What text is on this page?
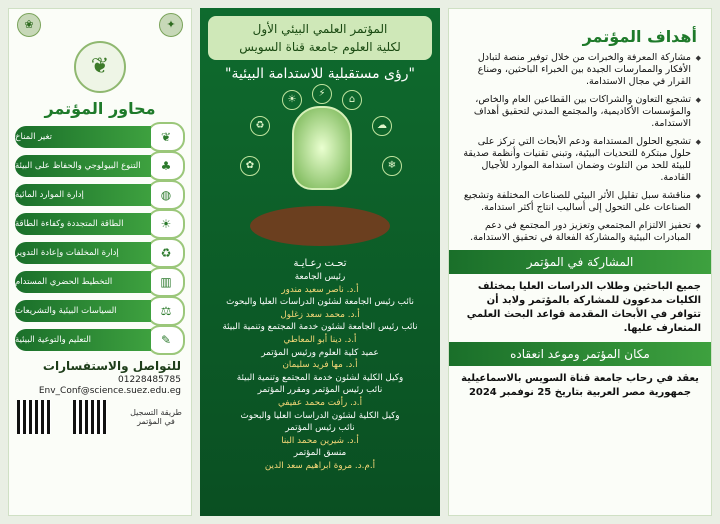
❀	✦
❦
محاور المؤتمر
❦
تغير المناخ
♣
التنوع البيولوجي والحفاظ على البيئة
◍
إدارة الموارد المائية
☀
الطاقة المتجددة وكفاءة الطاقة
♻
إدارة المخلفات وإعادة التدوير
▥
التخطيط الحضري المستدام
⚖
السياسات البيئية والتشريعات
✎
التعليم والتوعية البيئية
للتواصل والاستفسارات
01228485785
Env_Conf@science.suez.edu.eg
طريقة التسجيل في المؤتمر
المؤتمر العلمي البيئي الأول
لكلية العلوم جامعة قناة السويس
"رؤى مستقبلية للاستدامة البيئية"
♻
☀
⚡
⌂
☁
✿	❄
تحـت رعـايـة
رئيس الجامعة
أ.د. ناصر سعيد مندور
نائب رئيس الجامعة لشئون الدراسات العليا والبحوث
أ.د. محمد سعد زغلول
نائب رئيس الجامعة لشئون خدمة المجتمع وتنمية البيئة
أ.د. دينا أبو المعاطي
عميد كلية العلوم ورئيس المؤتمر
أ.د. مها فريد سليمان
وكيل الكلية لشئون خدمة المجتمع وتنمية البيئة
نائب رئيس المؤتمر ومقرر المؤتمر
أ.د. رأفت محمد عفيفي
وكيل الكلية لشئون الدراسات العليا والبحوث
نائب رئيس المؤتمر
أ.د. شيرين محمد البنا
منسق المؤتمر
أ.م.د. مروة ابراهيم سعد الدين
أهداف المؤتمر
◆ مشاركة المعرفة والخبرات من خلال توفير منصة لتبادل الأفكار والممارسات الجيدة بين الخبراء الباحثين، وصناع القرار في مجال الاستدامة.
◆ تشجيع التعاون والشراكات بين القطاعين العام والخاص، والمؤسسات الأكاديمية، والمجتمع المدني لتحقيق أهداف الاستدامة.
◆ تشجيع الحلول المستدامة ودعم الأبحاث التي تركز على حلول مبتكرة للتحديات البيئية، وتبني تقنيات وأنظمة صديقة للبيئة للحد من التلوث وضمان استدامة الموارد للأجيال القادمة.
◆ مناقشة سبل تقليل الأثر البيئي للصناعات المختلفة وتشجيع الصناعات على التحول إلى أساليب انتاج أكثر استدامة.
◆ تحفيز الالتزام المجتمعي وتعزيز دور المجتمع في دعم المبادرات البيئية والمشاركة الفعالة في تحقيق الاستدامة.
المشاركة في المؤتمر
جميع الباحثين وطلاب الدراسات العليا بمختلف الكليات مدعوون للمشاركة بالمؤتمر ولابد أن تتوافر في الأبحاث المقدمة قواعد البحث العلمي المتعارف عليها.
مكان المؤتمر وموعد انعقاده
يعقد في رحاب جامعة قناة السويس بالاسماعيلية جمهورية مصر العربية بتاريخ 25 نوفمبر 2024
